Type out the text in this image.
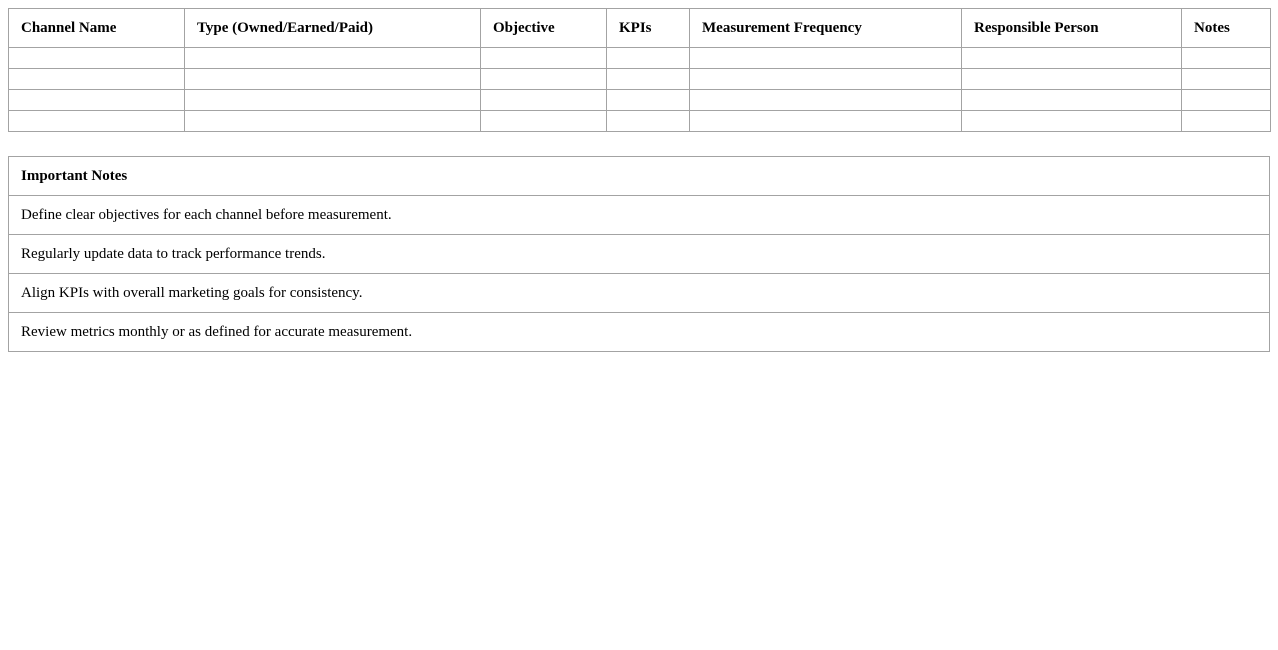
Channel Name	Type (Owned/Earned/Paid)	Objective	KPIs	Measurement Frequency	Responsible Person	Notes

Important Notes
Define clear objectives for each channel before measurement.
Regularly update data to track performance trends.
Align KPIs with overall marketing goals for consistency.
Review metrics monthly or as defined for accurate measurement.
